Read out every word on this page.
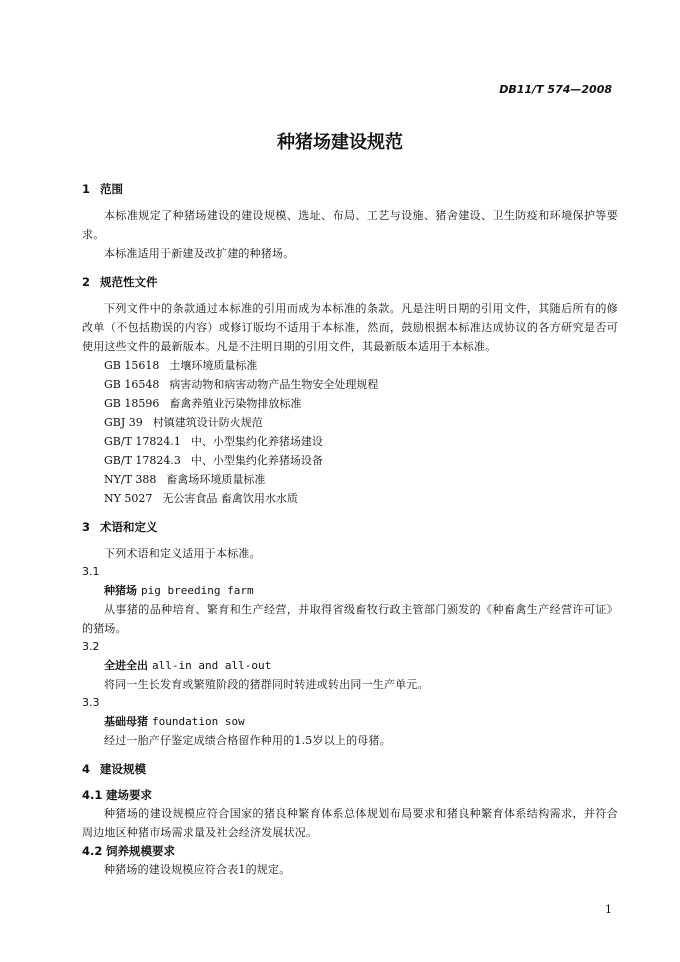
DB11/T 574—2008
种猪场建设规范
1 范围
本标准规定了种猪场建设的建设规模、选址、布局、工艺与设施、猪舍建设、卫生防疫和环境保护等要求。
本标准适用于新建及改扩建的种猪场。
2 规范性文件
下列文件中的条款通过本标准的引用而成为本标准的条款。凡是注明日期的引用文件，其随后所有的修改单（不包括勘误的内容）或修订版均不适用于本标准，然而，鼓励根据本标准达成协议的各方研究是否可使用这些文件的最新版本。凡是不注明日期的引用文件，其最新版本适用于本标准。
GB 15618 土壤环境质量标准
GB 16548 病害动物和病害动物产品生物安全处理规程
GB 18596 畜禽养殖业污染物排放标准
GBJ 39 村镇建筑设计防火规范
GB/T 17824.1 中、小型集约化养猪场建设
GB/T 17824.3 中、小型集约化养猪场设备
NY/T 388 畜禽场环境质量标准
NY 5027 无公害食品 畜禽饮用水水质
3 术语和定义
下列术语和定义适用于本标准。
3.1
种猪场 pig breeding farm
从事猪的品种培育、繁育和生产经营，并取得省级畜牧行政主管部门颁发的《种畜禽生产经营许可证》的猪场。
3.2
全进全出 all-in and all-out
将同一生长发育或繁殖阶段的猪群同时转进或转出同一生产单元。
3.3
基础母猪 foundation sow
经过一胎产仔鉴定成绩合格留作种用的1.5岁以上的母猪。
4 建设规模
4.1 建场要求
种猪场的建设规模应符合国家的猪良种繁育体系总体规划布局要求和猪良种繁育体系结构需求，并符合周边地区种猪市场需求量及社会经济发展状况。
4.2 饲养规模要求
种猪场的建设规模应符合表1的规定。
1
